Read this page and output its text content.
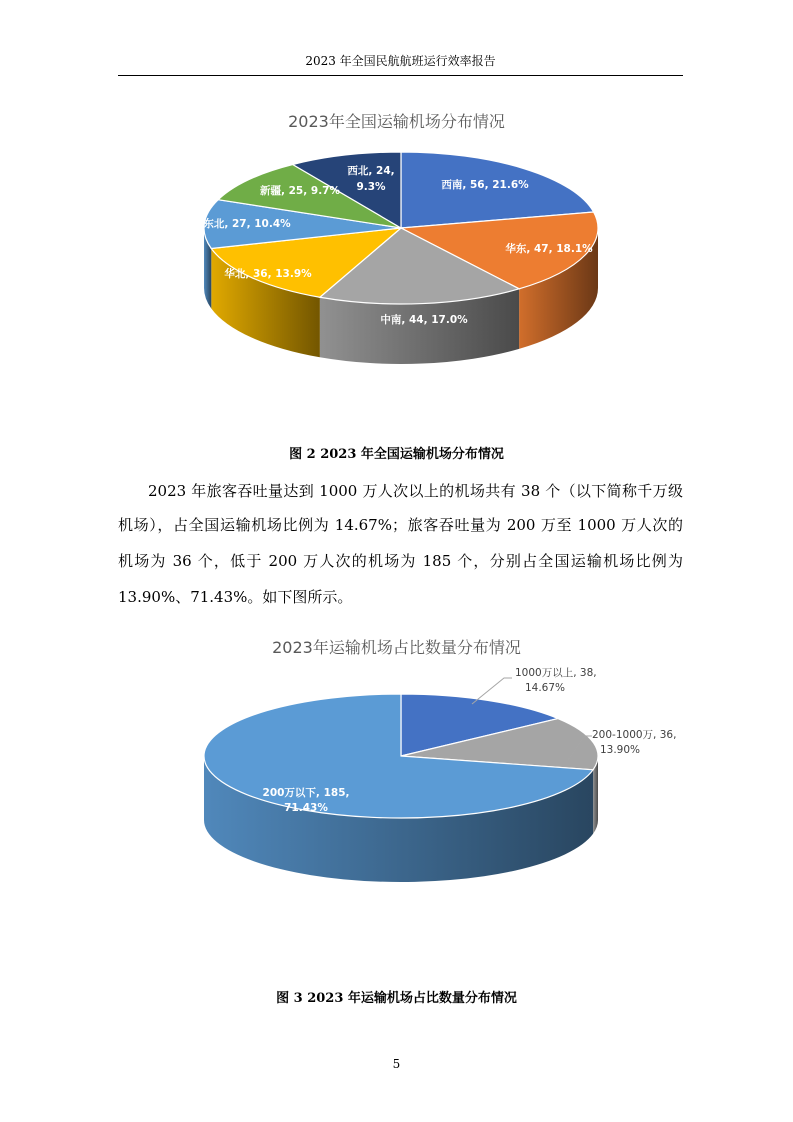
2023 年全国民航航班运行效率报告
2023年全国运输机场分布情况
西南, 56, 21.6%
华东, 47, 18.1%
中南, 44, 17.0%
华北, 36, 13.9%
东北, 27, 10.4%
新疆, 25, 9.7%
西北, 24,
9.3%
图 2 2023 年全国运输机场分布情况
2023 年旅客吞吐量达到 1000 万人次以上的机场共有 38 个（以下简称千万级
机场），占全国运输机场比例为 14.67%；旅客吞吐量为 200 万至 1000 万人次的
机场为 36 个，低于 200 万人次的机场为 185 个，分别占全国运输机场比例为
13.90%、71.43%。如下图所示。
2023年运输机场占比数量分布情况
1000万以上, 38,
14.67%
200-1000万, 36,
13.90%
200万以下, 185,
71.43%
图 3 2023 年运输机场占比数量分布情况
5
